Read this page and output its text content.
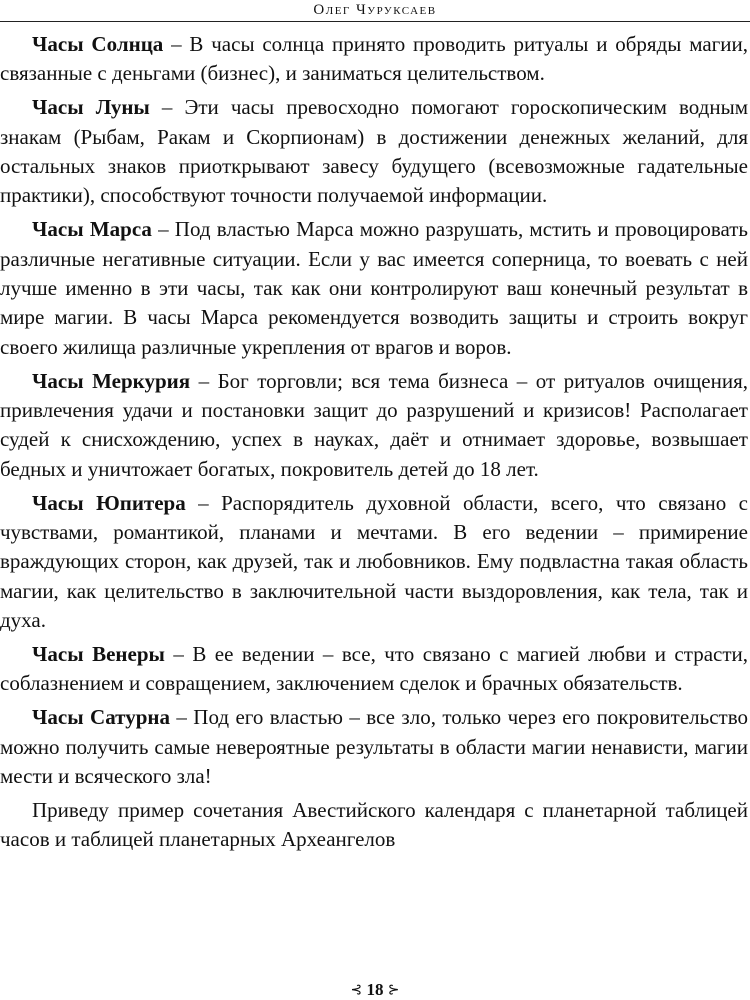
Олег Чуруксаев

Часы Солнца – В часы солнца принято проводить ритуалы и обряды магии, связанные с деньгами (бизнес), и заниматься целительством.

Часы Луны – Эти часы превосходно помогают гороскопическим водным знакам (Рыбам, Ракам и Скорпионам) в достижении денежных желаний, для остальных знаков приоткрывают завесу будущего (всевозможные гадательные практики), способствуют точности получаемой информации.

Часы Марса – Под властью Марса можно разрушать, мстить и провоцировать различные негативные ситуации. Если у вас имеется соперница, то воевать с ней лучше именно в эти часы, так как они контролируют ваш конечный результат в мире магии. В часы Марса рекомендуется возводить защиты и строить вокруг своего жилища различные укрепления от врагов и воров.

Часы Меркурия – Бог торговли; вся тема бизнеса – от ритуалов очищения, привлечения удачи и постановки защит до разрушений и кризисов! Располагает судей к снисхождению, успех в науках, даёт и отнимает здоровье, возвышает бедных и уничтожает богатых, покровитель детей до 18 лет.

Часы Юпитера – Распорядитель духовной области, всего, что связано с чувствами, романтикой, планами и мечтами. В его ведении – примирение враждующих сторон, как друзей, так и любовников. Ему подвластна такая область магии, как целительство в заключительной части выздоровления, как тела, так и духа.

Часы Венеры – В ее ведении – все, что связано с магией любви и страсти, соблазнением и совращением, заключением сделок и брачных обязательств.

Часы Сатурна – Под его властью – все зло, только через его покровительство можно получить самые невероятные результаты в области магии ненависти, магии мести и всяческого зла!

Приведу пример сочетания Авестийского календаря с планетарной таблицей часов и таблицей планетарных Археангелов

⊰ 18 ⊱
